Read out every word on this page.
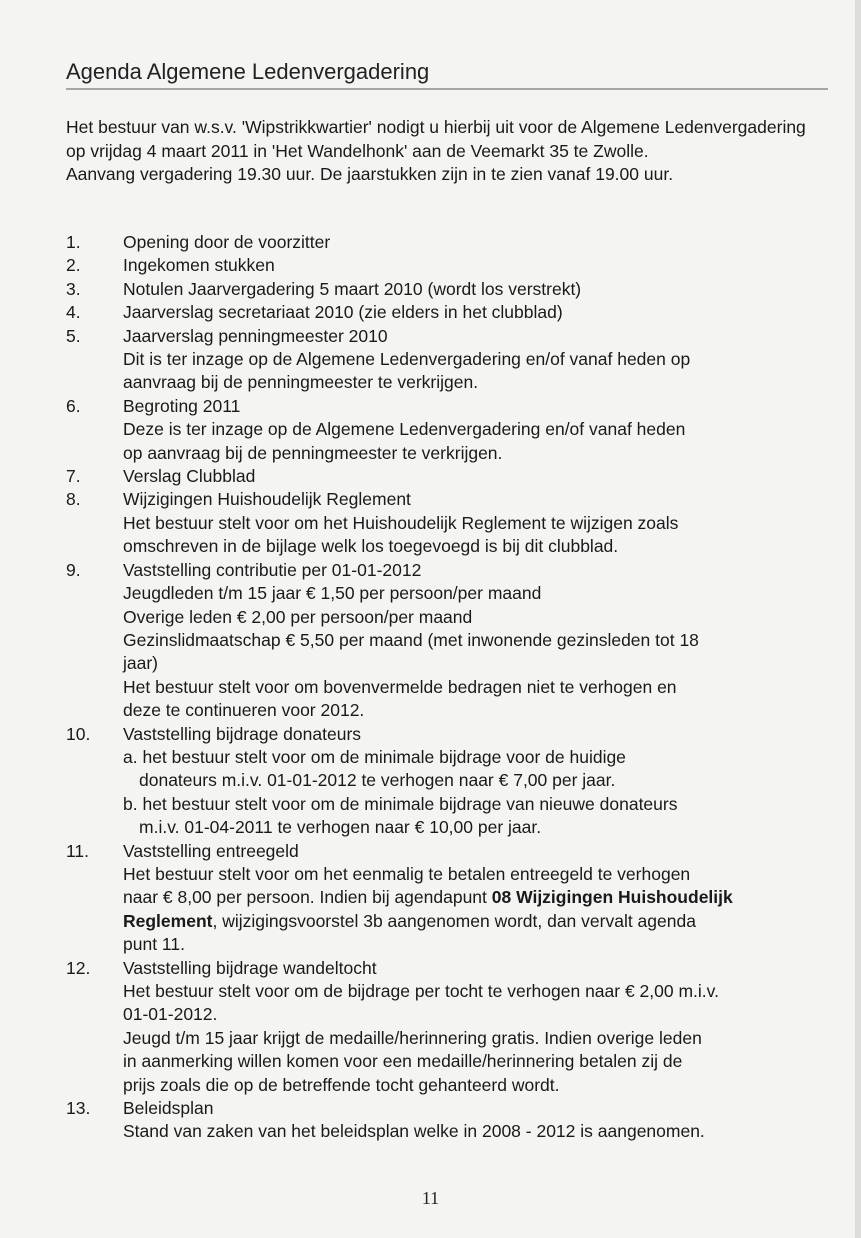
Agenda Algemene Ledenvergadering

Het bestuur van w.s.v. 'Wipstrikkwartier' nodigt u hierbij uit voor de Algemene Ledenvergadering op vrijdag 4 maart 2011 in 'Het Wandelhonk' aan de Veemarkt 35 te Zwolle.

Aanvang vergadering 19.30 uur. De jaarstukken zijn in te zien vanaf 19.00 uur.

1. Opening door de voorzitter
2. Ingekomen stukken
3. Notulen Jaarvergadering 5 maart 2010 (wordt los verstrekt)
4. Jaarverslag secretariaat 2010 (zie elders in het clubblad)
5. Jaarverslag penningmeester 2010
Dit is ter inzage op de Algemene Ledenvergadering en/of vanaf heden op
aanvraag bij de penningmeester te verkrijgen.
6. Begroting 2011
Deze is ter inzage op de Algemene Ledenvergadering en/of vanaf heden
op aanvraag bij de penningmeester te verkrijgen.
7. Verslag Clubblad
8. Wijzigingen Huishoudelijk Reglement
Het bestuur stelt voor om het Huishoudelijk Reglement te wijzigen zoals
omschreven in de bijlage welk los toegevoegd is bij dit clubblad.
9. Vaststelling contributie per 01-01-2012
Jeugdleden t/m 15 jaar € 1,50 per persoon/per maand
Overige leden € 2,00 per persoon/per maand
Gezinslidmaatschap € 5,50 per maand (met inwonende gezinsleden tot 18
jaar)
Het bestuur stelt voor om bovenvermelde bedragen niet te verhogen en
deze te continueren voor 2012.
10. Vaststelling bijdrage donateurs
a. het bestuur stelt voor om de minimale bijdrage voor de huidige
donateurs m.i.v. 01-01-2012 te verhogen naar € 7,00 per jaar.
b. het bestuur stelt voor om de minimale bijdrage van nieuwe donateurs
m.i.v. 01-04-2011 te verhogen naar € 10,00 per jaar.
11. Vaststelling entreegeld
Het bestuur stelt voor om het eenmalig te betalen entreegeld te verhogen
naar € 8,00 per persoon. Indien bij agendapunt 08 Wijzigingen Huishoudelijk
Reglement, wijzigingsvoorstel 3b aangenomen wordt, dan vervalt agenda
punt 11.
12. Vaststelling bijdrage wandeltocht
Het bestuur stelt voor om de bijdrage per tocht te verhogen naar € 2,00 m.i.v.
01-01-2012.
Jeugd t/m 15 jaar krijgt de medaille/herinnering gratis. Indien overige leden
in aanmerking willen komen voor een medaille/herinnering betalen zij de
prijs zoals die op de betreffende tocht gehanteerd wordt.
13. Beleidsplan
Stand van zaken van het beleidsplan welke in 2008 - 2012 is aangenomen.
11
